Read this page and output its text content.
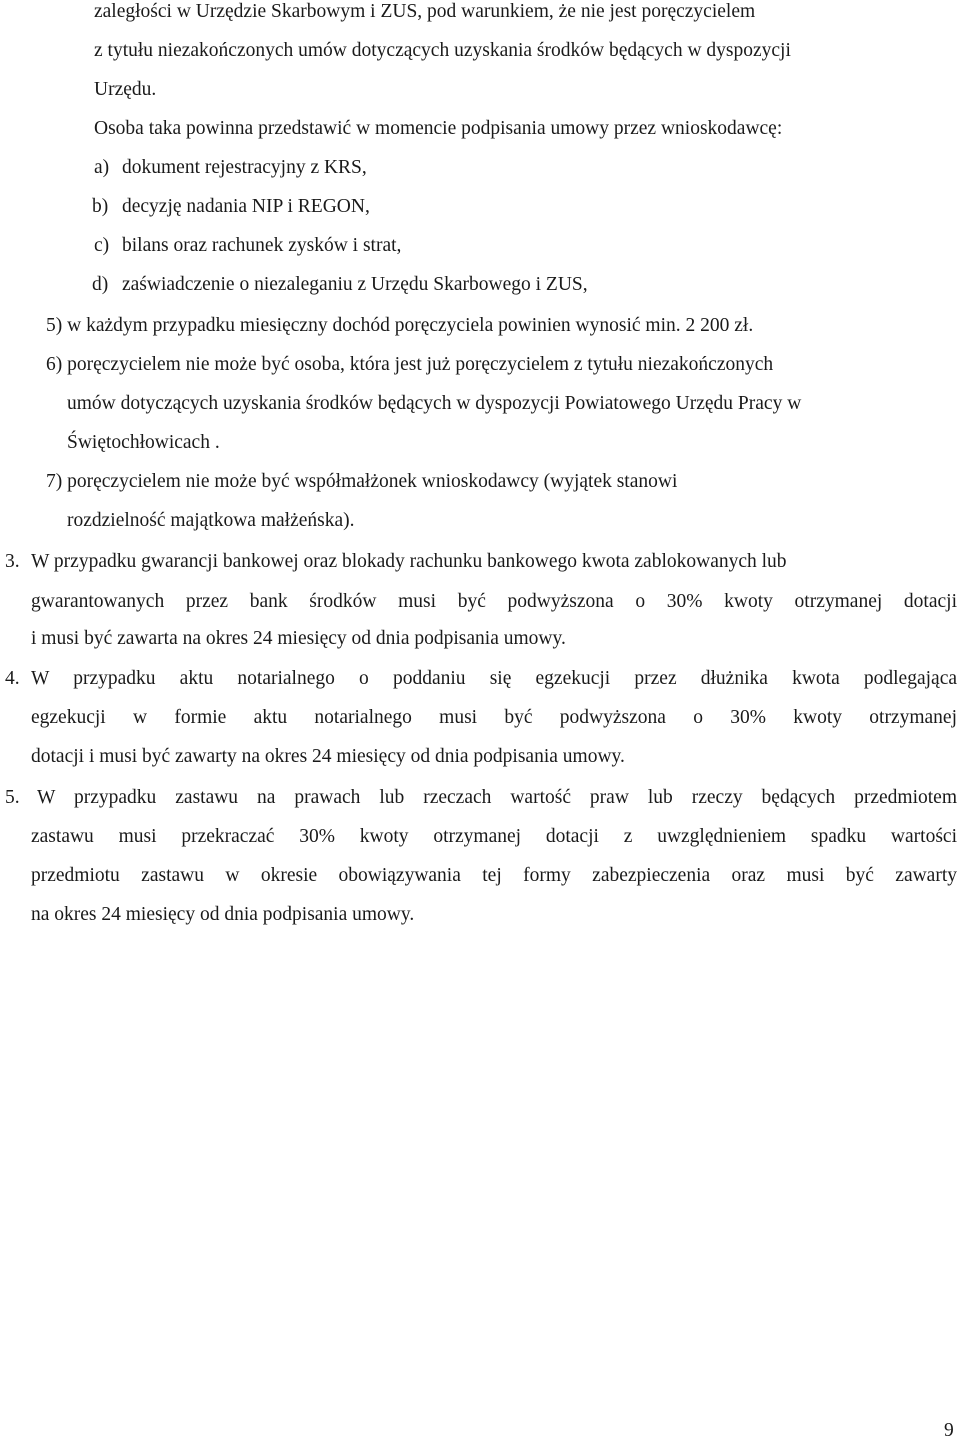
zaległości w Urzędzie Skarbowym i ZUS, pod warunkiem, że nie jest poręczycielem
z tytułu niezakończonych umów dotyczących uzyskania środków będących w dyspozycji
Urzędu.
Osoba taka powinna przedstawić w momencie podpisania umowy przez wnioskodawcę:
a) dokument rejestracyjny z KRS,
b) decyzję nadania NIP i REGON,
c) bilans oraz rachunek zysków i strat,
d) zaświadczenie o niezaleganiu z Urzędu Skarbowego i ZUS,
5) w każdym przypadku miesięczny dochód poręczyciela powinien wynosić min. 2 200 zł.
6) poręczycielem nie może być osoba, która jest już poręczycielem z tytułu niezakończonych
umów dotyczących uzyskania środków będących w dyspozycji Powiatowego Urzędu Pracy w
Świętochłowicach .
7) poręczycielem nie może być współmałżonek wnioskodawcy (wyjątek stanowi
rozdzielność majątkowa małżeńska).
3. W przypadku gwarancji bankowej oraz blokady rachunku bankowego kwota zablokowanych lub
gwarantowanych przez bank środków musi być podwyższona o 30% kwoty otrzymanej dotacji
i musi być zawarta na okres 24 miesięcy od dnia podpisania umowy.
4. W przypadku aktu notarialnego o poddaniu się egzekucji przez dłużnika kwota podlegająca
egzekucji w formie aktu notarialnego musi być podwyższona o 30% kwoty otrzymanej
dotacji i musi być zawarty na okres 24 miesięcy od dnia podpisania umowy.
5. W przypadku zastawu na prawach lub rzeczach wartość praw lub rzeczy będących przedmiotem
zastawu musi przekraczać 30% kwoty otrzymanej dotacji z uwzględnieniem spadku wartości
przedmiotu zastawu w okresie obowiązywania tej formy zabezpieczenia oraz musi być zawarty
na okres 24 miesięcy od dnia podpisania umowy.
9
